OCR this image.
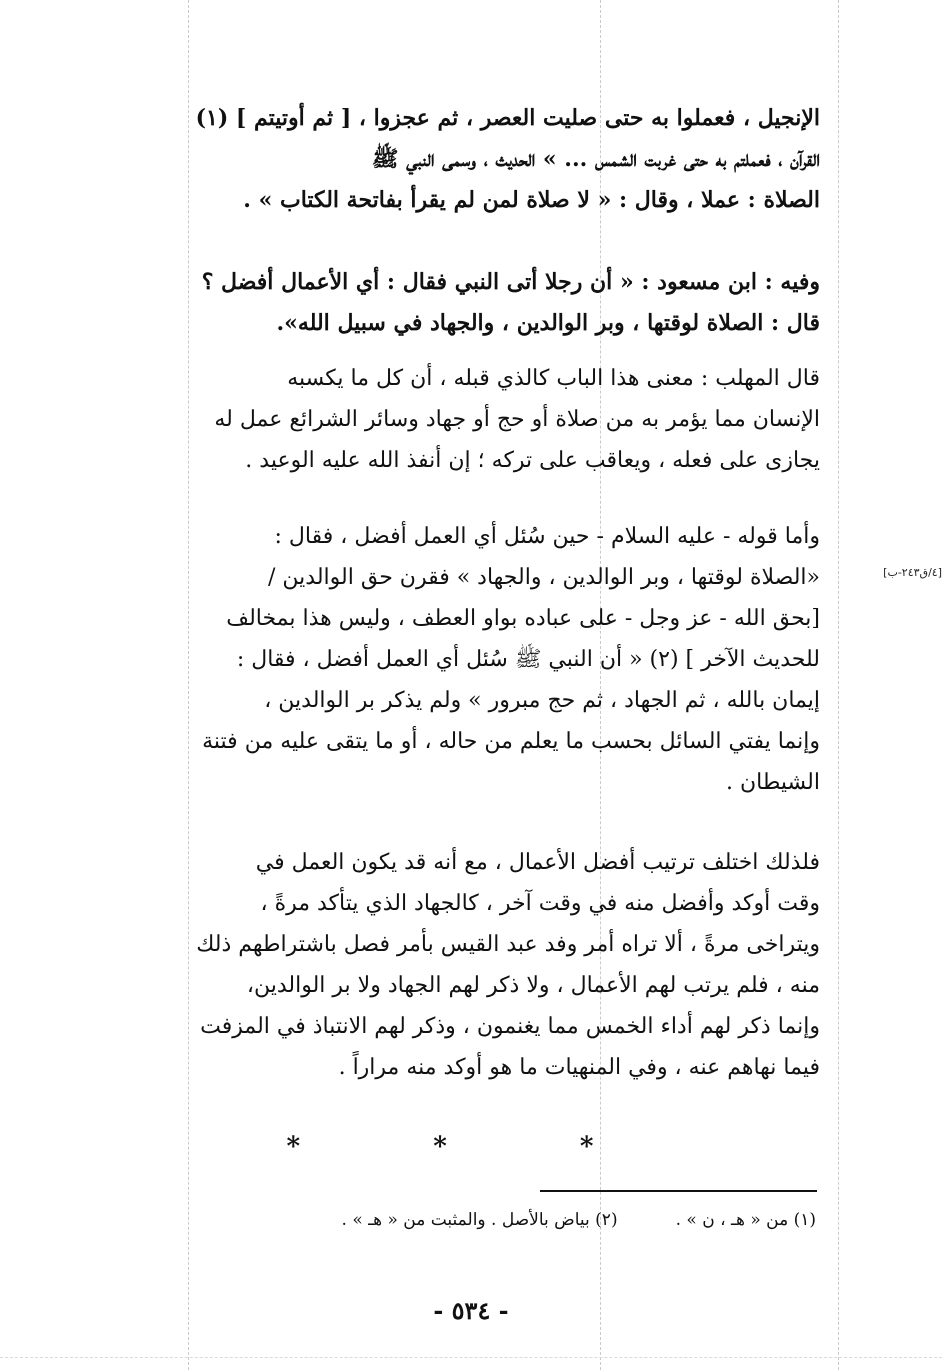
الإنجيل ، فعملوا به حتى صليت العصر ، ثم عجزوا ، [ ثم أوتيتم ] (١)
القرآن ، فعملتم به حتى غربت الشمس ... » الحديث ، وسمى النبي ﷺ
الصلاة : عملا ، وقال : « لا صلاة لمن لم يقرأ بفاتحة الكتاب » .
وفيه : ابن مسعود : « أن رجلا أتى النبي فقال : أي الأعمال أفضل ؟
قال : الصلاة لوقتها ، وبر الوالدين ، والجهاد في سبيل الله».
قال المهلب : معنى هذا الباب كالذي قبله ، أن كل ما يكسبه
الإنسان مما يؤمر به من صلاة أو حج أو جهاد وسائر الشرائع عمل له
يجازى على فعله ، ويعاقب على تركه ؛ إن أنفذ الله عليه الوعيد .
وأما قوله - عليه السلام - حين سُئل أي العمل أفضل ، فقال :
«الصلاة لوقتها ، وبر الوالدين ، والجهاد » فقرن حق الوالدين /
[بحق الله - عز وجل - على عباده بواو العطف ، وليس هذا بمخالف
للحديث الآخر ] (٢) « أن النبي ﷺ سُئل أي العمل أفضل ، فقال :
إيمان بالله ، ثم الجهاد ، ثم حج مبرور » ولم يذكر بر الوالدين ،
وإنما يفتي السائل بحسب ما يعلم من حاله ، أو ما يتقى عليه من فتنة
الشيطان .
[٤/ق٢٤٣-ب]
فلذلك اختلف ترتيب أفضل الأعمال ، مع أنه قد يكون العمل في
وقت أوكد وأفضل منه في وقت آخر ، كالجهاد الذي يتأكد مرةً ،
ويتراخى مرةً ، ألا تراه أمر وفد عبد القيس بأمر فصل باشتراطهم ذلك
منه ، فلم يرتب لهم الأعمال ، ولا ذكر لهم الجهاد ولا بر الوالدين،
وإنما ذكر لهم أداء الخمس مما يغنمون ، وذكر لهم الانتباذ في المزفت
فيما نهاهم عنه ، وفي المنهيات ما هو أوكد منه مراراً .
* * *
(١) من « هـ ، ن » .
(٢) بياض بالأصل . والمثبت من « هـ » .
- ٥٣٤ -
